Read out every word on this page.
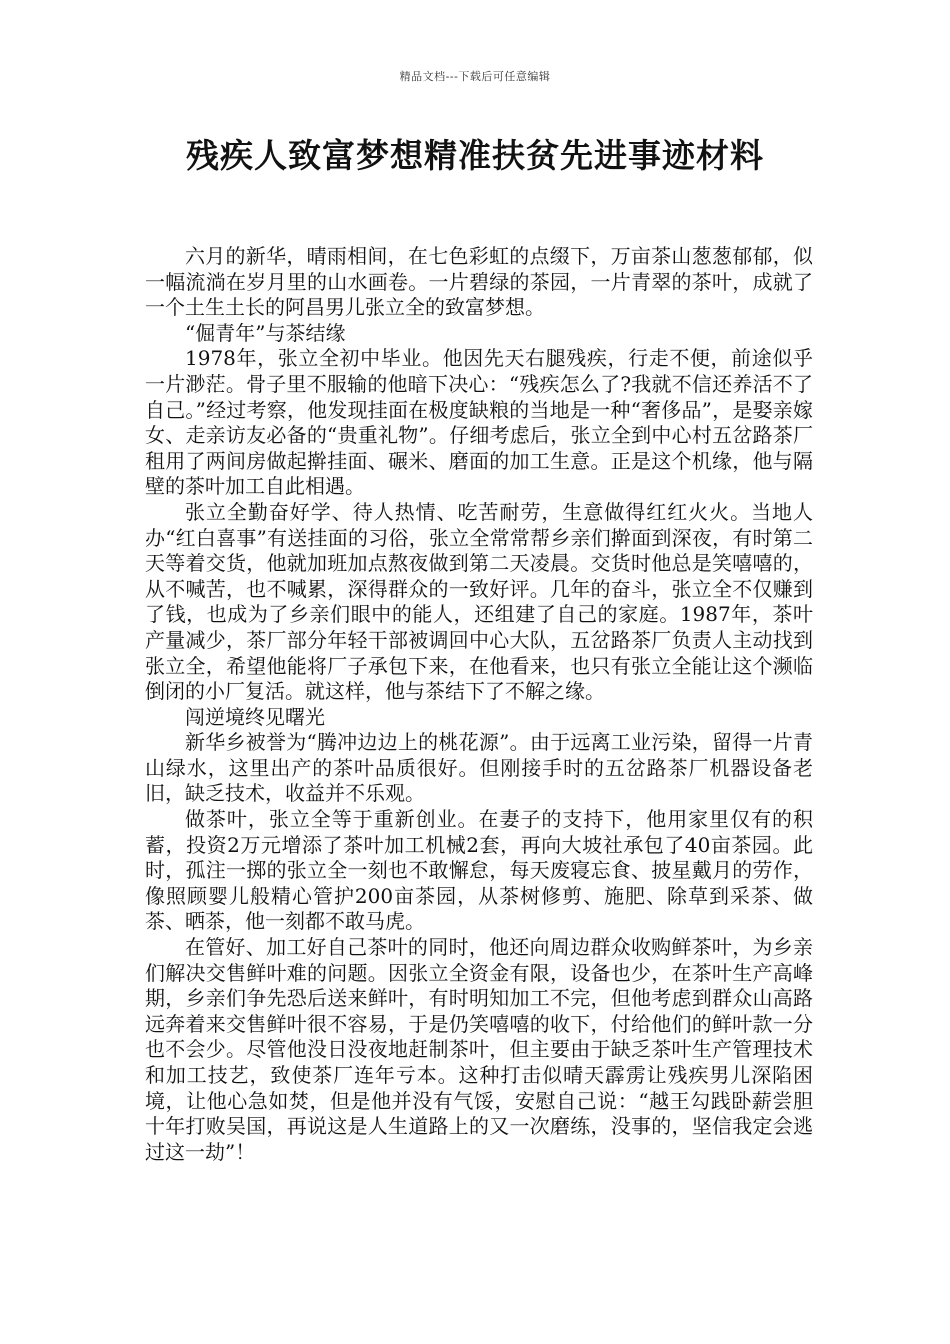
精品文档---下载后可任意编辑
残疾人致富梦想精准扶贫先进事迹材料

六月的新华，晴雨相间，在七色彩虹的点缀下，万亩茶山葱葱郁郁，似一幅流淌在岁月里的山水画卷。一片碧绿的茶园，一片青翠的茶叶，成就了一个土生土长的阿昌男儿张立全的致富梦想。

“倔青年”与茶结缘

1978年，张立全初中毕业。他因先天右腿残疾，行走不便，前途似乎一片渺茫。骨子里不服输的他暗下决心：“残疾怎么了?我就不信还养活不了自己。”经过考察，他发现挂面在极度缺粮的当地是一种“奢侈品”，是娶亲嫁女、走亲访友必备的“贵重礼物”。仔细考虑后，张立全到中心村五岔路茶厂租用了两间房做起擀挂面、碾米、磨面的加工生意。正是这个机缘，他与隔壁的茶叶加工自此相遇。

张立全勤奋好学、待人热情、吃苦耐劳，生意做得红红火火。当地人办“红白喜事”有送挂面的习俗，张立全常常帮乡亲们擀面到深夜，有时第二天等着交货，他就加班加点熬夜做到第二天凌晨。交货时他总是笑嘻嘻的，从不喊苦，也不喊累，深得群众的一致好评。几年的奋斗，张立全不仅赚到了钱，也成为了乡亲们眼中的能人，还组建了自己的家庭。1987年，茶叶产量减少，茶厂部分年轻干部被调回中心大队，五岔路茶厂负责人主动找到张立全，希望他能将厂子承包下来，在他看来，也只有张立全能让这个濒临倒闭的小厂复活。就这样，他与茶结下了不解之缘。

闯逆境终见曙光

新华乡被誉为“腾冲边边上的桃花源”。由于远离工业污染，留得一片青山绿水，这里出产的茶叶品质很好。但刚接手时的五岔路茶厂机器设备老旧，缺乏技术，收益并不乐观。

做茶叶，张立全等于重新创业。在妻子的支持下，他用家里仅有的积蓄，投资2万元增添了茶叶加工机械2套，再向大坡社承包了40亩茶园。此时，孤注一掷的张立全一刻也不敢懈怠，每天废寝忘食、披星戴月的劳作，像照顾婴儿般精心管护200亩茶园，从茶树修剪、施肥、除草到采茶、做茶、晒茶，他一刻都不敢马虎。

在管好、加工好自己茶叶的同时，他还向周边群众收购鲜茶叶，为乡亲们解决交售鲜叶难的问题。因张立全资金有限，设备也少，在茶叶生产高峰期，乡亲们争先恐后送来鲜叶，有时明知加工不完，但他考虑到群众山高路远奔着来交售鲜叶很不容易，于是仍笑嘻嘻的收下，付给他们的鲜叶款一分也不会少。尽管他没日没夜地赶制茶叶，但主要由于缺乏茶叶生产管理技术和加工技艺，致使茶厂连年亏本。这种打击似晴天霹雳让残疾男儿深陷困境，让他心急如焚，但是他并没有气馁，安慰自己说：“越王勾践卧薪尝胆十年打败吴国，再说这是人生道路上的又一次磨练，没事的，坚信我定会逃过这一劫”！
